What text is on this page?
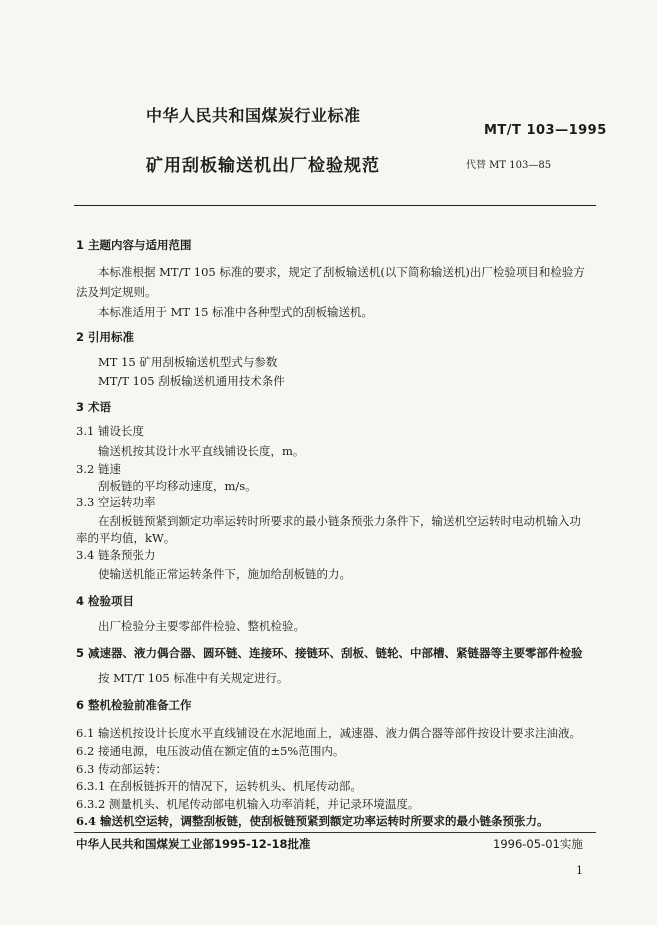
中华人民共和国煤炭行业标准
MT/T 103—1995
矿用刮板输送机出厂检验规范	代替 MT 103—85
1 主题内容与适用范围
本标准根据 MT/T 105 标准的要求，规定了刮板输送机(以下简称输送机)出厂检验项目和检验方
法及判定规则。
本标准适用于 MT 15 标准中各种型式的刮板输送机。
2 引用标准
MT 15 矿用刮板输送机型式与参数
MT/T 105 刮板输送机通用技术条件
3 术语
3.1 铺设长度
输送机按其设计水平直线铺设长度，m。
3.2 链速
刮板链的平均移动速度，m/s。
3.3 空运转功率
在刮板链预紧到额定功率运转时所要求的最小链条预张力条件下，输送机空运转时电动机输入功
率的平均值，kW。
3.4 链条预张力
使输送机能正常运转条件下，施加给刮板链的力。
4 检验项目
出厂检验分主要零部件检验、整机检验。
5 减速器、液力偶合器、圆环链、连接环、接链环、刮板、链轮、中部槽、紧链器等主要零部件检验
按 MT/T 105 标准中有关规定进行。
6 整机检验前准备工作
6.1 输送机按设计长度水平直线铺设在水泥地面上，减速器、液力偶合器等部件按设计要求注油液。
6.2 接通电源，电压波动值在额定值的±5%范围内。
6.3 传动部运转：
6.3.1 在刮板链拆开的情况下，运转机头、机尾传动部。
6.3.2 测量机头、机尾传动部电机输入功率消耗，并记录环境温度。
6.4 输送机空运转，调整刮板链，使刮板链预紧到额定功率运转时所要求的最小链条预张力。
中华人民共和国煤炭工业部1995-12-18批准	1996-05-01实施
1
